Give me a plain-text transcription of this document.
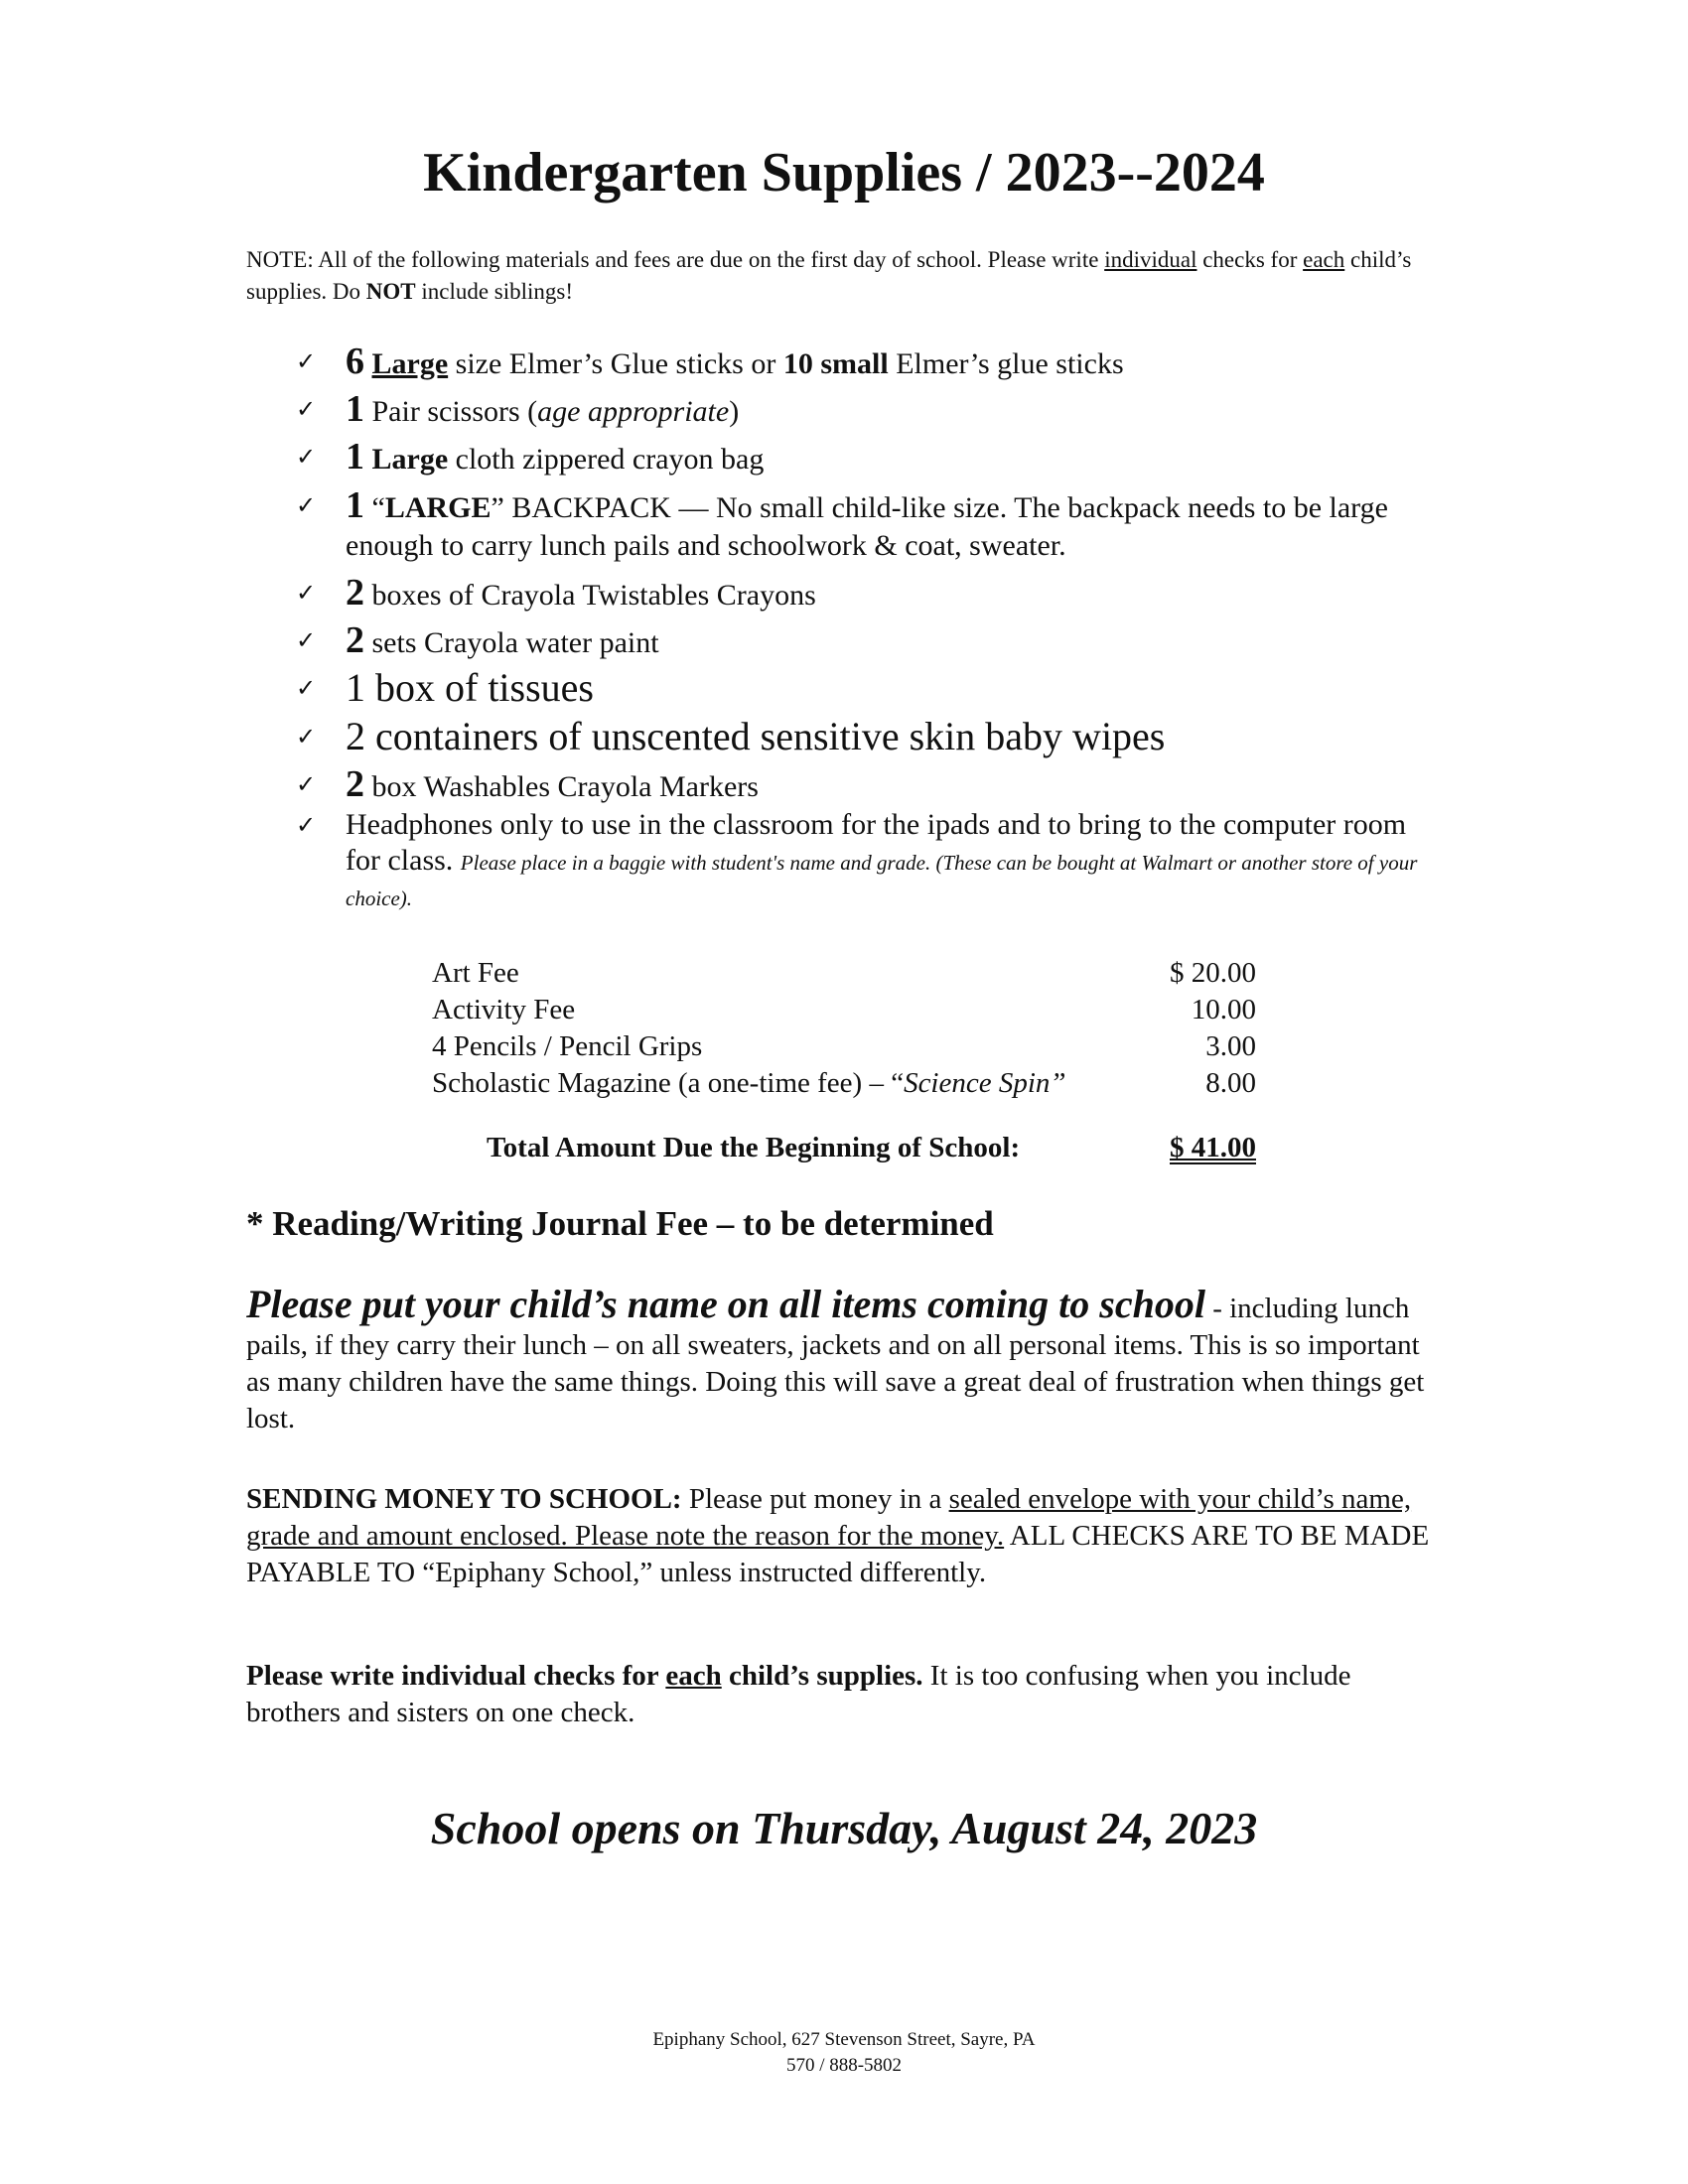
Kindergarten Supplies / 2023--2024
NOTE: All of the following materials and fees are due on the first day of school. Please write individual checks for each child’s supplies. Do NOT include siblings!
✓ 6 Large size Elmer’s Glue sticks or 10 small Elmer’s glue sticks
✓ 1 Pair scissors (age appropriate)
✓ 1 Large cloth zippered crayon bag
✓ 1 “LARGE” BACKPACK — No small child-like size. The backpack needs to be large enough to carry lunch pails and schoolwork & coat, sweater.
✓ 2 boxes of Crayola Twistables Crayons
✓ 2 sets Crayola water paint
✓ 1 box of tissues
✓ 2 containers of unscented sensitive skin baby wipes
✓ 2 box Washables Crayola Markers
✓ Headphones only to use in the classroom for the ipads and to bring to the computer room for class. Please place in a baggie with student's name and grade. (These can be bought at Walmart or another store of your choice).
Art Fee	$ 20.00
Activity Fee	10.00
4 Pencils / Pencil Grips	3.00
Scholastic Magazine (a one-time fee) – “Science Spin”	8.00
Total Amount Due the Beginning of School:	$ 41.00
* Reading/Writing Journal Fee – to be determined
Please put your child’s name on all items coming to school - including lunch pails, if they carry their lunch – on all sweaters, jackets and on all personal items. This is so important as many children have the same things. Doing this will save a great deal of frustration when things get lost.
SENDING MONEY TO SCHOOL: Please put money in a sealed envelope with your child’s name, grade and amount enclosed. Please note the reason for the money. ALL CHECKS ARE TO BE MADE PAYABLE TO “Epiphany School,” unless instructed differently.
Please write individual checks for each child’s supplies. It is too confusing when you include brothers and sisters on one check.
School opens on Thursday, August 24, 2023
Epiphany School, 627 Stevenson Street, Sayre, PA
570 / 888-5802
